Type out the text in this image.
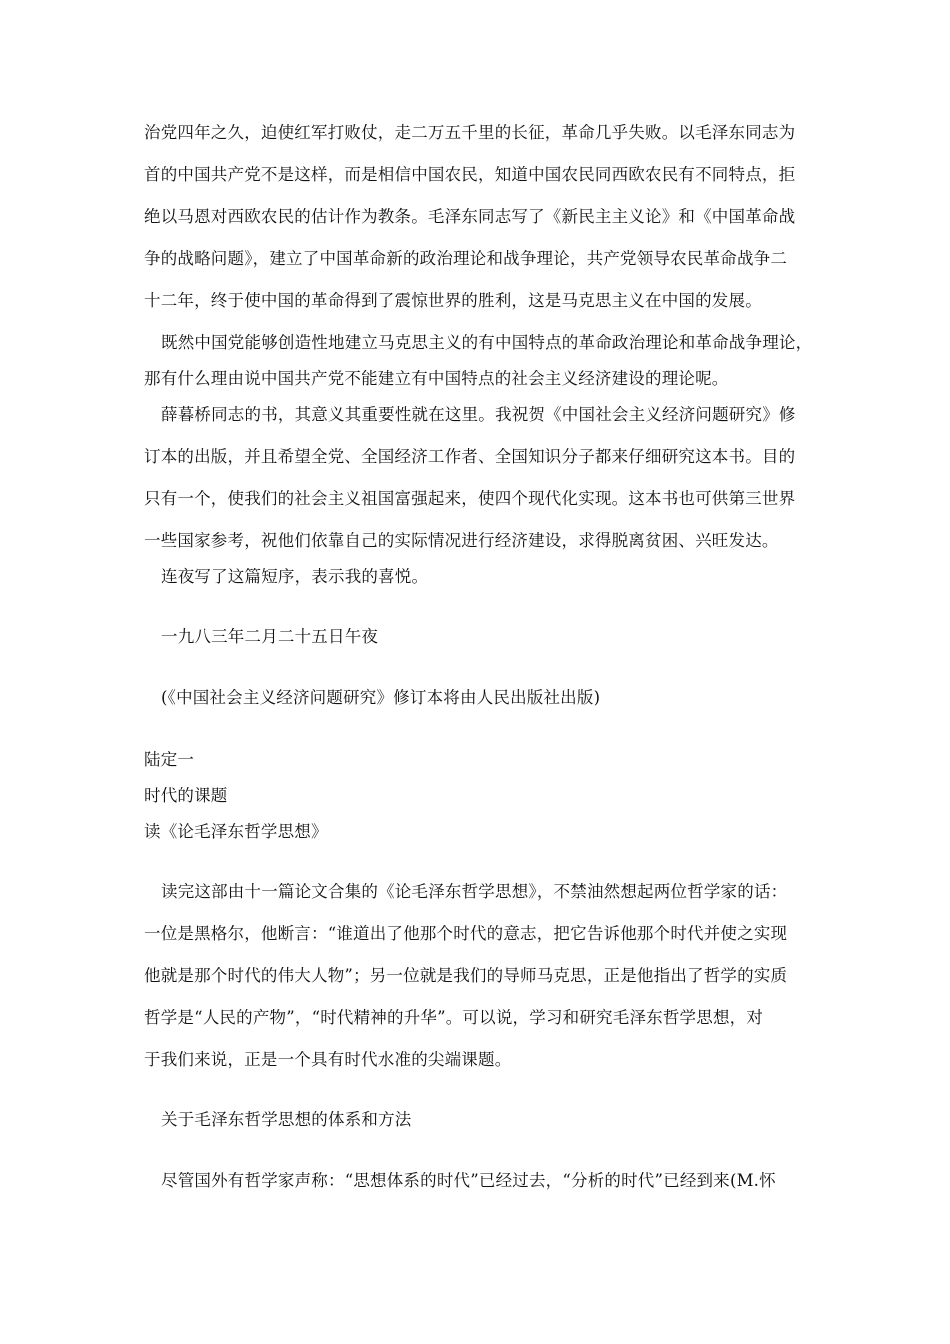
治党四年之久，迫使红军打败仗，走二万五千里的长征，革命几乎失败。以毛泽东同志为
首的中国共产党不是这样，而是相信中国农民，知道中国农民同西欧农民有不同特点，拒
绝以马恩对西欧农民的估计作为教条。毛泽东同志写了《新民主主义论》和《中国革命战
争的战略问题》，建立了中国革命新的政治理论和战争理论，共产党领导农民革命战争二
十二年，终于使中国的革命得到了震惊世界的胜利，这是马克思主义在中国的发展。
既然中国党能够创造性地建立马克思主义的有中国特点的革命政治理论和革命战争理论，
那有什么理由说中国共产党不能建立有中国特点的社会主义经济建设的理论呢。
薛暮桥同志的书，其意义其重要性就在这里。我祝贺《中国社会主义经济问题研究》修
订本的出版，并且希望全党、全国经济工作者、全国知识分子都来仔细研究这本书。目的
只有一个，使我们的社会主义祖国富强起来，使四个现代化实现。这本书也可供第三世界
一些国家参考，祝他们依靠自己的实际情况进行经济建设，求得脱离贫困、兴旺发达。
连夜写了这篇短序，表示我的喜悦。
一九八三年二月二十五日午夜
(《中国社会主义经济问题研究》修订本将由人民出版社出版)
陆定一
时代的课题
读《论毛泽东哲学思想》
读完这部由十一篇论文合集的《论毛泽东哲学思想》，不禁油然想起两位哲学家的话：
一位是黑格尔，他断言：“谁道出了他那个时代的意志，把它告诉他那个时代并使之实现
他就是那个时代的伟大人物”；另一位就是我们的导师马克思，正是他指出了哲学的实质
哲学是“人民的产物”，“时代精神的升华”。可以说，学习和研究毛泽东哲学思想，对
于我们来说，正是一个具有时代水准的尖端课题。
关于毛泽东哲学思想的体系和方法
尽管国外有哲学家声称：“思想体系的时代”已经过去，“分析的时代”已经到来(M.怀
